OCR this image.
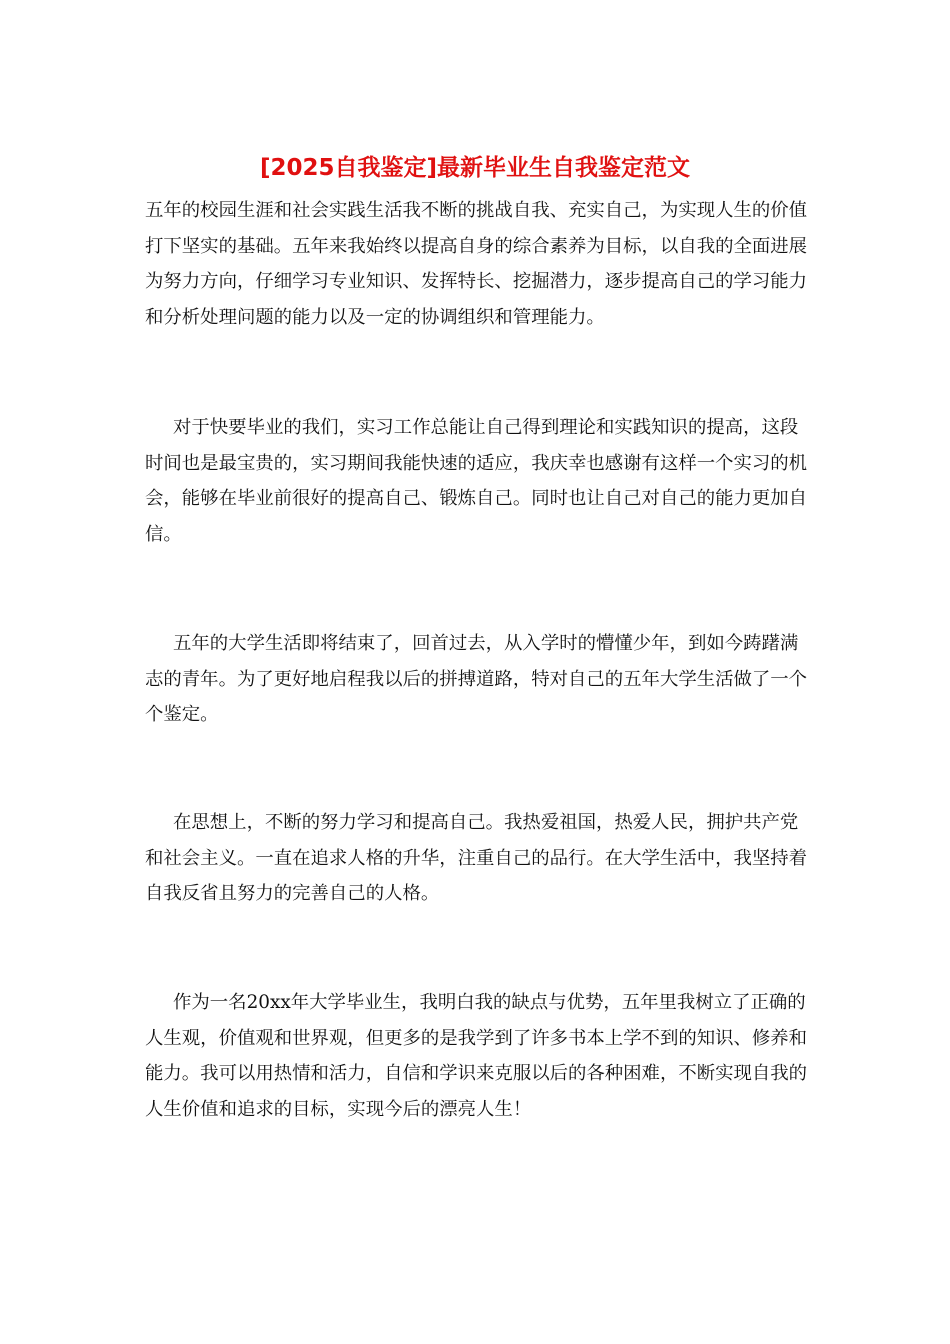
[2025自我鉴定]最新毕业生自我鉴定范文

五年的校园生涯和社会实践生活我不断的挑战自我、充实自己，为实现人生的价值打下坚实的基础。五年来我始终以提高自身的综合素养为目标，以自我的全面进展为努力方向，仔细学习专业知识、发挥特长、挖掘潜力，逐步提高自己的学习能力和分析处理问题的能力以及一定的协调组织和管理能力。

对于快要毕业的我们，实习工作总能让自己得到理论和实践知识的提高，这段时间也是最宝贵的，实习期间我能快速的适应，我庆幸也感谢有这样一个实习的机会，能够在毕业前很好的提高自己、锻炼自己。同时也让自己对自己的能力更加自信。

五年的大学生活即将结束了，回首过去，从入学时的懵懂少年，到如今踌躇满志的青年。为了更好地启程我以后的拼搏道路，特对自己的五年大学生活做了一个个鉴定。

在思想上，不断的努力学习和提高自己。我热爱祖国，热爱人民，拥护共产党和社会主义。一直在追求人格的升华，注重自己的品行。在大学生活中，我坚持着自我反省且努力的完善自己的人格。

作为一名20xx年大学毕业生，我明白我的缺点与优势，五年里我树立了正确的人生观，价值观和世界观，但更多的是我学到了许多书本上学不到的知识、修养和能力。我可以用热情和活力，自信和学识来克服以后的各种困难，不断实现自我的人生价值和追求的目标，实现今后的漂亮人生！
